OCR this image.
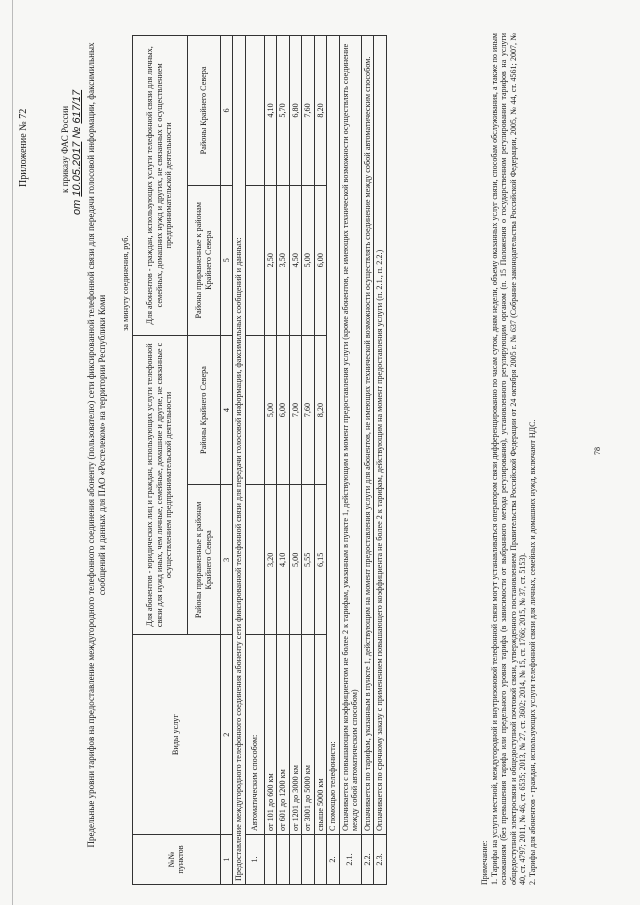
Приложение № 72	к приказу ФАС России
от 10.05.2017 № 617/17 Предельные уровни тарифов на предоставление междугородного телефонного соединения абоненту (пользователю) сети фиксированной телефонной связи для передачи голосовой информации, факсимильных сообщений и данных для ПАО «Ростелеком» на территории Республики Коми
за минуту соединения, руб.					
№№ пунктов	Виды услуг	Для абонентов - юридических лиц и граждан, использующих услуги телефонной связи для нужд иных, чем личные, семейные, домашние и другие, не связанные с осуществлением предпринимательской деятельности		Для абонентов - граждан, использующих услуги телефонной связи для личных, семейных, домашних нужд и других, не связанных с осуществлением предпринимательской деятельности	
		Районы приравненные к районам Крайнего Севера	Районы Крайнего Севера	Районы приравненные к районам Крайнего Севера	Районы Крайнего Севера
1	2	3	4	5	6
Предоставление междугородного телефонного соединения абоненту сети фиксированной телефонной связи для передачи голосовой информации, факсимильных сообщений и данных:					
1.	Автоматическим способом:				
	от 101 до 600 км	3,20	5,00	2,50	4,10
	от 601 до 1200 км	4,10	6,00	3,50	5,70
	от 1201 до 3000 км	5,00	7,00	4,50	6,80
	от 3001 до 5000 км	5,55	7,60	5,00	7,60
	свыше 5000 км	6,15	8,20	6,00	8,20
2.	С помощью телефониста:				
2.1.	Оплачивается с повышающим коэффициентом не более 2 к тарифам, указанным в пункте 1, действующим в момент предоставления услуги (кроме абонентов, не имеющих технической возможности осуществлять соединение между собой автоматическим способом)				
2.2.	Оплачивается по тарифам, указанным в пункте 1, действующим на момент предоставления услуги для абонентов, не имеющих технической возможности осуществлять соединение между собой автоматическим способом.				
2.3.	Оплачивается по срочному заказу с применением повышающего коэффициента не более 2 к тарифам, действующим на момент предоставления услуги (п. 2.1., п. 2.2.)				

Примечание: 1. Тарифы на услуги местной, междугородной и внутризоновой телефонной связи могут устанавливаться оператором связи дифференцированно по часам суток, дням недели, объему оказанных услуг связи, способам обслуживания, а также по иным основаниям (без превышения тарифа или предельного уровня тарифа (в зависимости от выбранного метода регулирования), установленного регулирующим органом (п. 15 Положения о государственном регулировании тарифов на услуги общедоступной электросвязи и общедоступной почтовой связи, утвержденного постановлением Правительства Российской Федерации от 24 октября 2005 г. № 637 (Собрание законодательства Российской Федерации, 2005, № 44, ст. 4561; 2007, № 40, ст. 4797; 2011, № 46, ст. 6535; 2013, № 27, ст. 3602; 2014, № 15, ст. 1766; 2015, № 37, ст. 5153). 2. Тарифы для абонентов - граждан, использующих услуги телефонной связи для личных, семейных и домашних нужд, включают НДС.	78
